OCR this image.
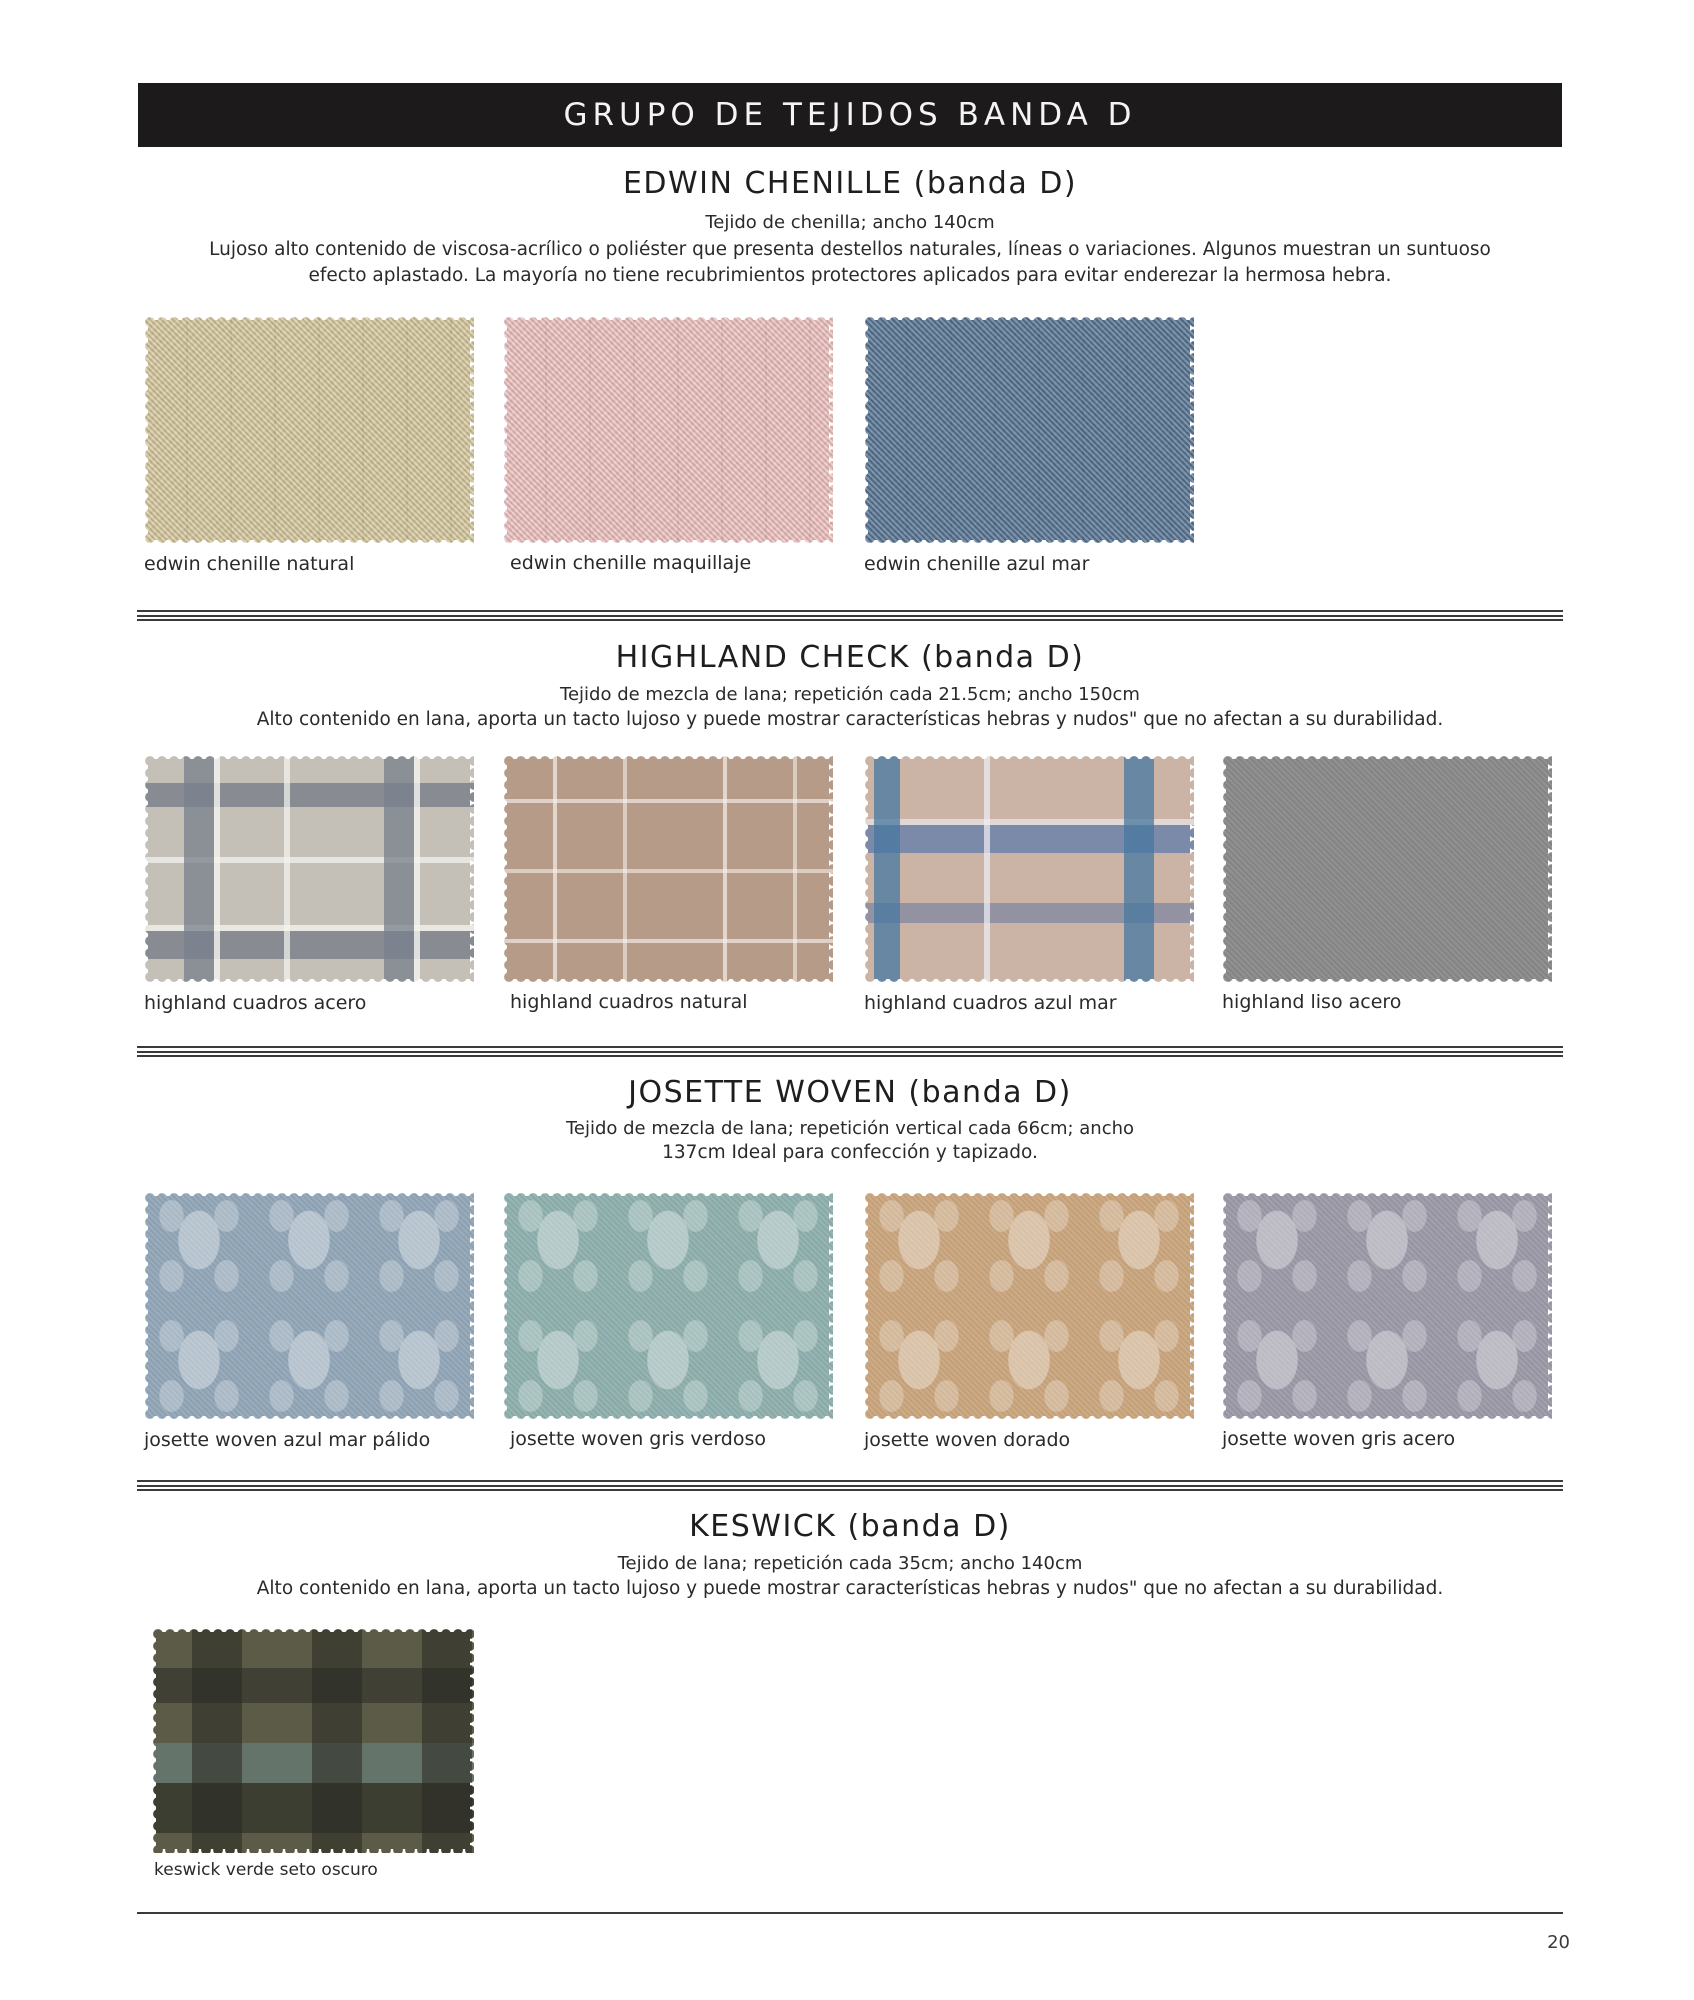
GRUPO DE TEJIDOS BANDA D
EDWIN CHENILLE (banda D)

Tejido de chenilla; ancho 140cm

Lujoso alto contenido de viscosa-acrílico o poliéster que presenta destellos naturales, líneas o variaciones. Algunos muestran un suntuoso efecto aplastado. La mayoría no tiene recubrimientos protectores aplicados para evitar enderezar la hermosa hebra.

edwin chenille natural	edwin chenille maquillaje	edwin chenille azul mar
HIGHLAND CHECK (banda D)

Tejido de mezcla de lana; repetición cada 21.5cm; ancho 150cm

Alto contenido en lana, aporta un tacto lujoso y puede mostrar características hebras y nudos" que no afectan a su durabilidad.

highland cuadros acero	highland cuadros natural	highland cuadros azul mar	highland liso acero
JOSETTE WOVEN (banda D)

Tejido de mezcla de lana; repetición vertical cada 66cm; ancho

137cm Ideal para confección y tapizado.

josette woven azul mar pálido	josette woven gris verdoso	josette woven dorado	josette woven gris acero
KESWICK (banda D)

Tejido de lana; repetición cada 35cm; ancho 140cm

Alto contenido en lana, aporta un tacto lujoso y puede mostrar características hebras y nudos" que no afectan a su durabilidad.

keswick verde seto oscuro
20
